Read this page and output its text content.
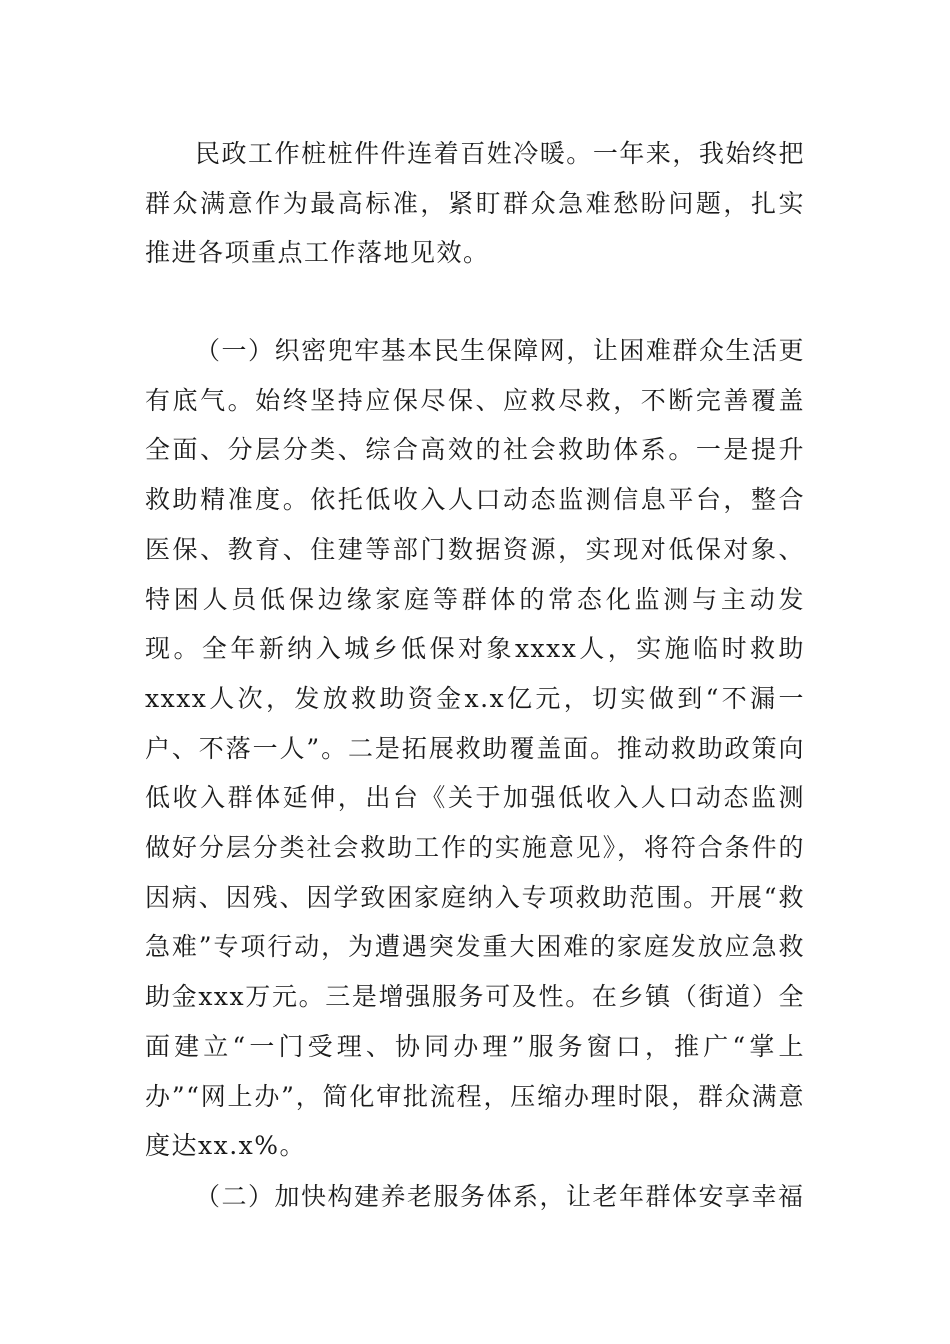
民政工作桩桩件件连着百姓冷暖。一年来，我始终把群众满意作为最高标准，紧盯群众急难愁盼问题，扎实推进各项重点工作落地见效。

（一）织密兜牢基本民生保障网，让困难群众生活更有底气。始终坚持应保尽保、应救尽救，不断完善覆盖全面、分层分类、综合高效的社会救助体系。一是提升救助精准度。依托低收入人口动态监测信息平台，整合医保、教育、住建等部门数据资源，实现对低保对象、特困人员低保边缘家庭等群体的常态化监测与主动发现。全年新纳入城乡低保对象xxxx人，实施临时救助xxxx人次，发放救助资金x.x亿元，切实做到“不漏一户、不落一人”。二是拓展救助覆盖面。推动救助政策向低收入群体延伸，出台《关于加强低收入人口动态监测做好分层分类社会救助工作的实施意见》，将符合条件的因病、因残、因学致困家庭纳入专项救助范围。开展“救急难”专项行动，为遭遇突发重大困难的家庭发放应急救助金xxx万元。三是增强服务可及性。在乡镇（街道）全面建立“一门受理、协同办理”服务窗口，推广“掌上办”“网上办”，简化审批流程，压缩办理时限，群众满意度达xx.x%。

（二）加快构建养老服务体系，让老年群体安享幸福
